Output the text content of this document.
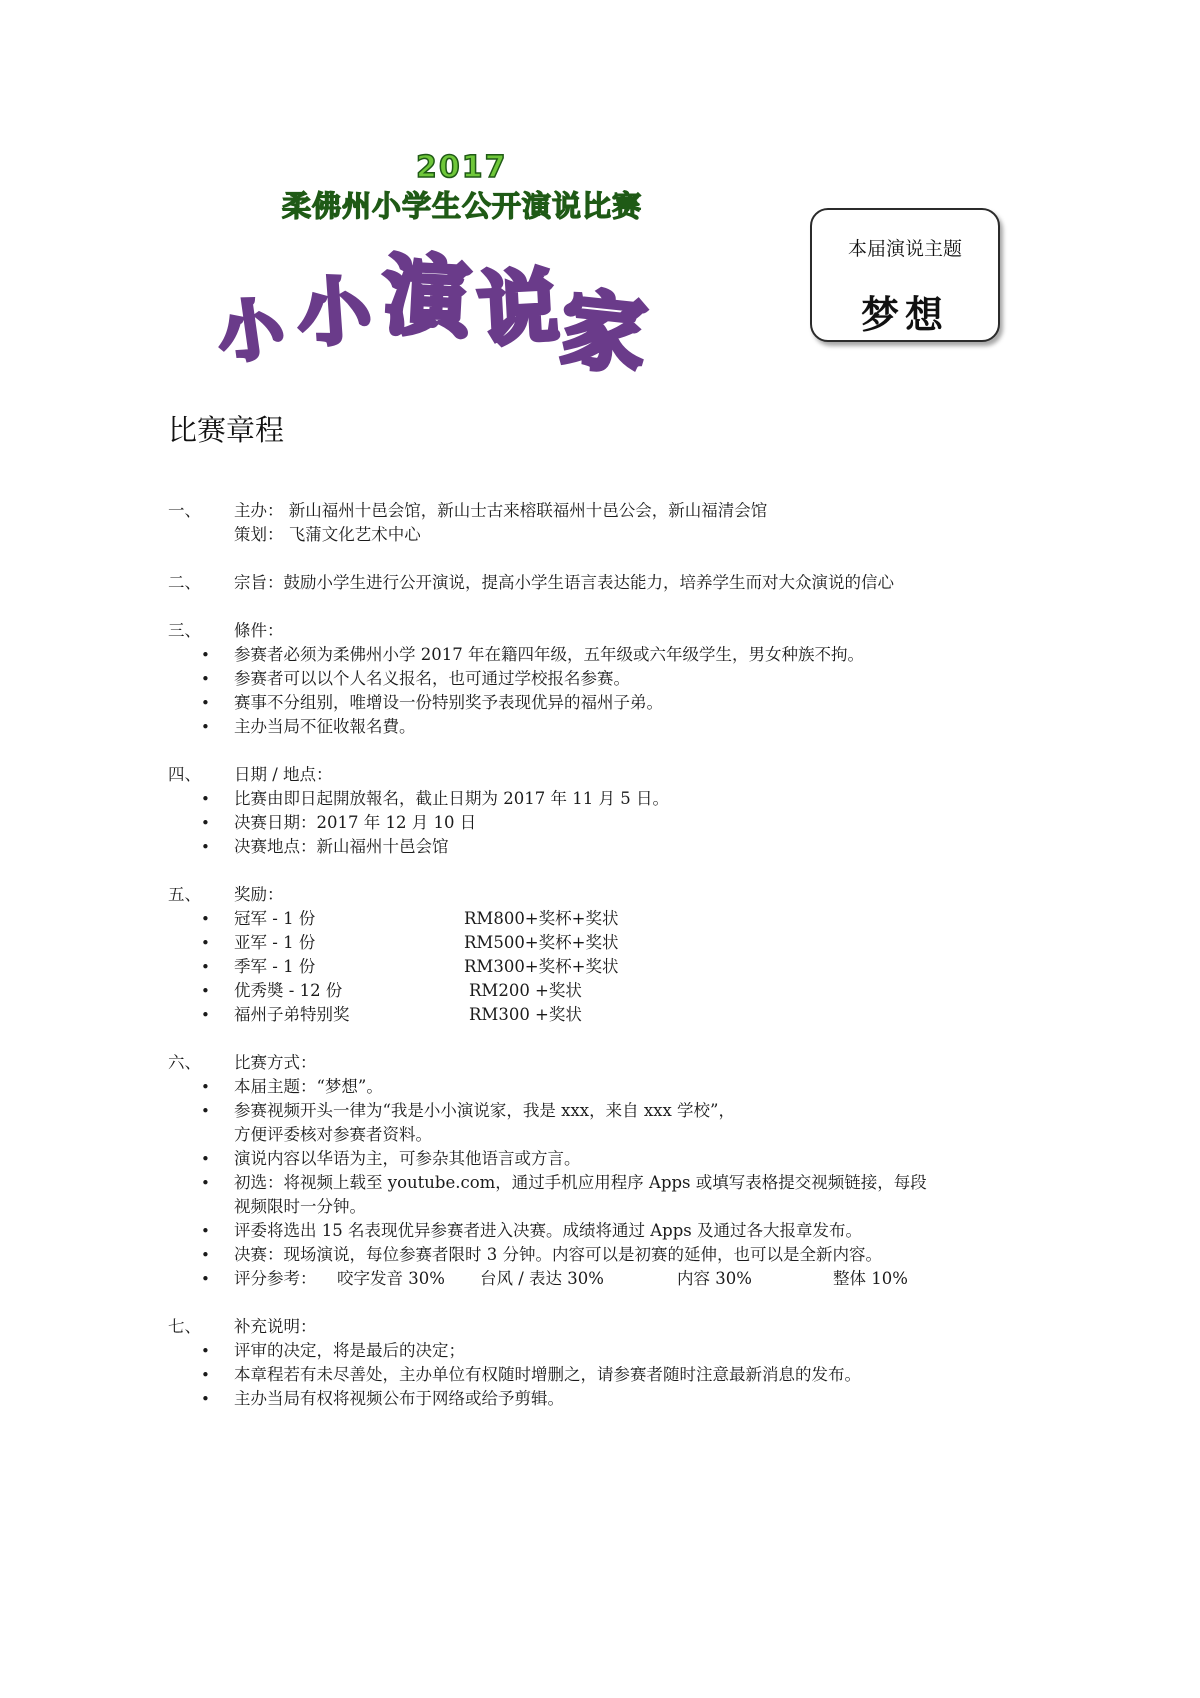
2017
柔佛州小学生公开演说比赛
小 小 演 说
家
本届演说主题
梦想
比赛章程
一、 主办： 新山福州十邑会馆，新山士古来榕联福州十邑公会，新山福清会馆
策划： 飞蒲文化艺术中心
二、 宗旨：鼓励小学生进行公开演说，提高小学生语言表达能力，培养学生而对大众演说的信心
三、 條件：
• 参赛者必须为柔佛州小学 2017 年在籍四年级，五年级或六年级学生，男女种族不拘。
• 参赛者可以以个人名义报名，也可通过学校报名参赛。
• 赛事不分组别，唯增设一份特别奖予表现优异的福州子弟。
• 主办当局不征收報名費。
四、 日期 / 地点：
• 比赛由即日起開放報名，截止日期为 2017 年 11 月 5 日。
• 决赛日期：2017 年 12 月 10 日
• 决赛地点：新山福州十邑会馆
五、 奖励：
• 冠军 - 1 份	RM800+奖杯+奖状
• 亚军 - 1 份	RM500+奖杯+奖状
• 季军 - 1 份	RM300+奖杯+奖状
• 优秀奬 - 12 份	RM200 +奖状
• 福州子弟特别奖	RM300 +奖状
六、 比赛方式：
• 本届主题：“梦想”。
• 参赛视频开头一律为“我是小小演说家，我是 xxx，来自 xxx 学校”，
方便评委核对参赛者资料。
• 演说内容以华语为主，可参杂其他语言或方言。
• 初选：将视频上载至 youtube.com，通过手机应用程序 Apps 或填写表格提交视频链接，每段
视频限时一分钟。
• 评委将选出 15 名表现优异参赛者进入决赛。成绩将通过 Apps 及通过各大报章发布。
• 决赛：现场演说，每位参赛者限时 3 分钟。内容可以是初赛的延伸，也可以是全新内容。
• 评分参考： 咬字发音 30% 台风 / 表达 30%	内容 30%	整体 10%
七、 补充说明：
• 评审的决定，将是最后的决定；
• 本章程若有未尽善处，主办单位有权随时增删之，请参赛者随时注意最新消息的发布。
• 主办当局有权将视频公布于网络或给予剪辑。
